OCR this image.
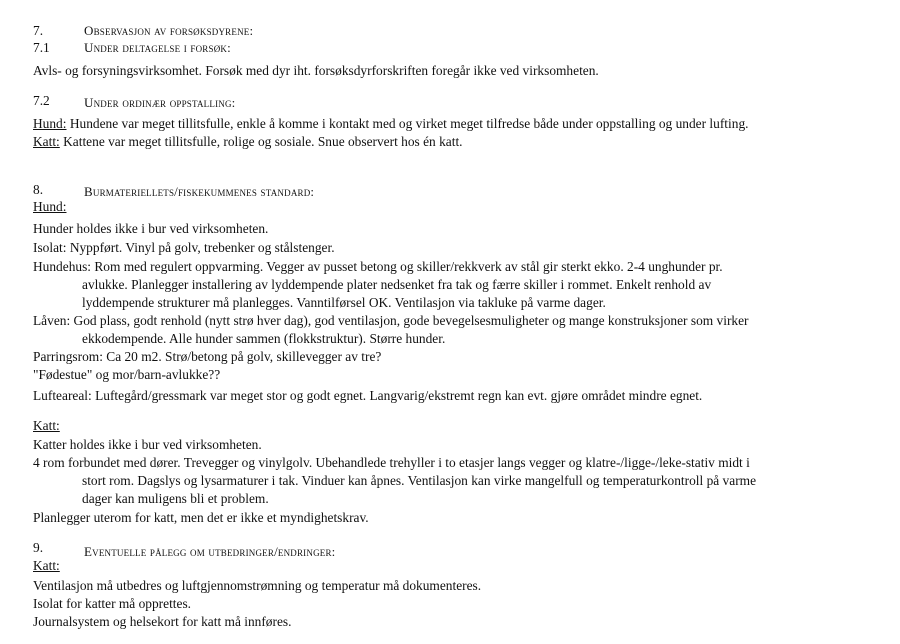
7.	Observasjon av forsøksdyrene:
7.1	Under deltagelse i forsøk:
Avls- og forsyningsvirksomhet. Forsøk med dyr iht. forsøksdyrforskriften foregår ikke ved virksomheten.
7.2	Under ordinær oppstalling:
Hund: Hundene var meget tillitsfulle, enkle å komme i kontakt med og virket meget tilfredse både under oppstalling og under lufting.
Katt: Kattene var meget tillitsfulle, rolige og sosiale. Snue observert hos én katt.
8.	Burmateriellets/fiskekummenes standard:
Hund:
Hunder holdes ikke i bur ved virksomheten.
Isolat: Nyppført. Vinyl på golv, trebenker og stålstenger.
Hundehus: Rom med regulert oppvarming. Vegger av pusset betong og skiller/rekkverk av stål gir sterkt ekko. 2-4 unghunder pr.
avlukke. Planlegger installering av lyddempende plater nedsenket fra tak og færre skiller i rommet. Enkelt renhold av
lyddempende strukturer må planlegges. Vanntilførsel OK. Ventilasjon via takluke på varme dager.
Låven: God plass, godt renhold (nytt strø hver dag), god ventilasjon, gode bevegelsesmuligheter og mange konstruksjoner som virker
ekkodempende. Alle hunder sammen (flokkstruktur). Større hunder.
Parringsrom: Ca 20 m2. Strø/betong på golv, skillevegger av tre?
"Fødestue" og mor/barn-avlukke??
Lufteareal: Luftegård/gressmark var meget stor og godt egnet. Langvarig/ekstremt regn kan evt. gjøre området mindre egnet.
Katt:
Katter holdes ikke i bur ved virksomheten.
4 rom forbundet med dører. Trevegger og vinylgolv. Ubehandlede trehyller i to etasjer langs vegger og klatre-/ligge-/leke-stativ midt i
stort rom. Dagslys og lysarmaturer i tak. Vinduer kan åpnes. Ventilasjon kan virke mangelfull og temperaturkontroll på varme
dager kan muligens bli et problem.
Planlegger uterom for katt, men det er ikke et myndighetskrav.
9.	Eventuelle pålegg om utbedringer/endringer:
Katt:
Ventilasjon må utbedres og luftgjennomstrømning og temperatur må dokumenteres.
Isolat for katter må opprettes.
Journalsystem og helsekort for katt må innføres.
